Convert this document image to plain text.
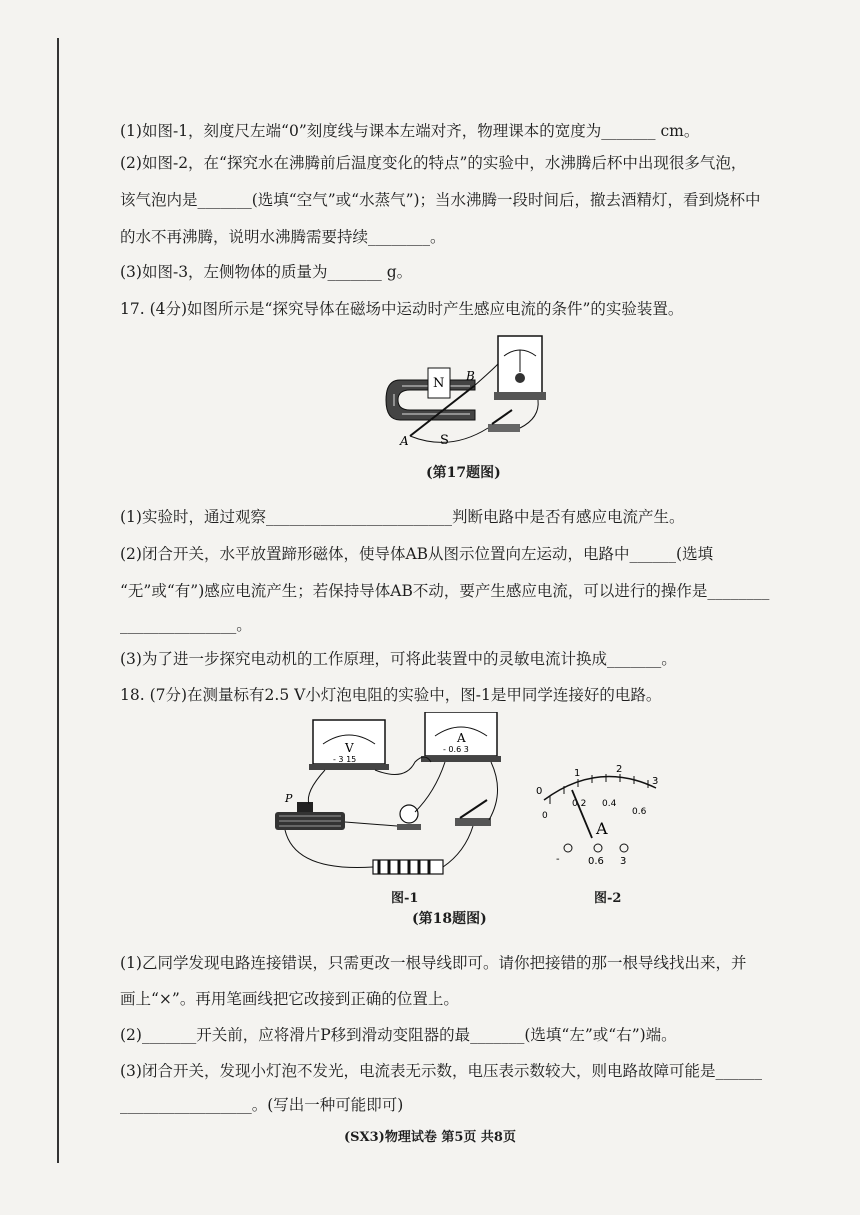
(1)如图-1，刻度尺左端“0”刻度线与课本左端对齐，物理课本的宽度为_______ cm。
(2)如图-2，在“探究水在沸腾前后温度变化的特点”的实验中，水沸腾后杯中出现很多气泡，
该气泡内是_______(选填“空气”或“水蒸气”)；当水沸腾一段时间后，撤去酒精灯，看到烧杯中
的水不再沸腾，说明水沸腾需要持续________。
(3)如图-3，左侧物体的质量为_______ g。
17. (4分)如图所示是“探究导体在磁场中运动时产生感应电流的条件”的实验装置。
N
S
A
B
(第17题图)
(1)实验时，通过观察________________________判断电路中是否有感应电流产生。
(2)闭合开关，水平放置蹄形磁体，使导体AB从图示位置向左运动，电路中______(选填
“无”或“有”)感应电流产生；若保持导体AB不动，要产生感应电流，可以进行的操作是________
_______________。
(3)为了进一步探究电动机的工作原理，可将此装置中的灵敏电流计换成_______。
18. (7分)在测量标有2.5 V小灯泡电阻的实验中，图-1是甲同学连接好的电路。
V
- 3 15
A
- 0.6 3
P
图-1
0
1	2
3
0
0.2 0.4
0.6
A
-	0.6 3
图-2
(第18题图)
(1)乙同学发现电路连接错误，只需更改一根导线即可。请你把接错的那一根导线找出来，并
画上“×”。再用笔画线把它改接到正确的位置上。
(2)_______开关前，应将滑片P移到滑动变阻器的最_______(选填“左”或“右”)端。
(3)闭合开关，发现小灯泡不发光，电流表无示数，电压表示数较大，则电路故障可能是______
_________________。(写出一种可能即可)
(SX3)物理试卷 第5页 共8页
